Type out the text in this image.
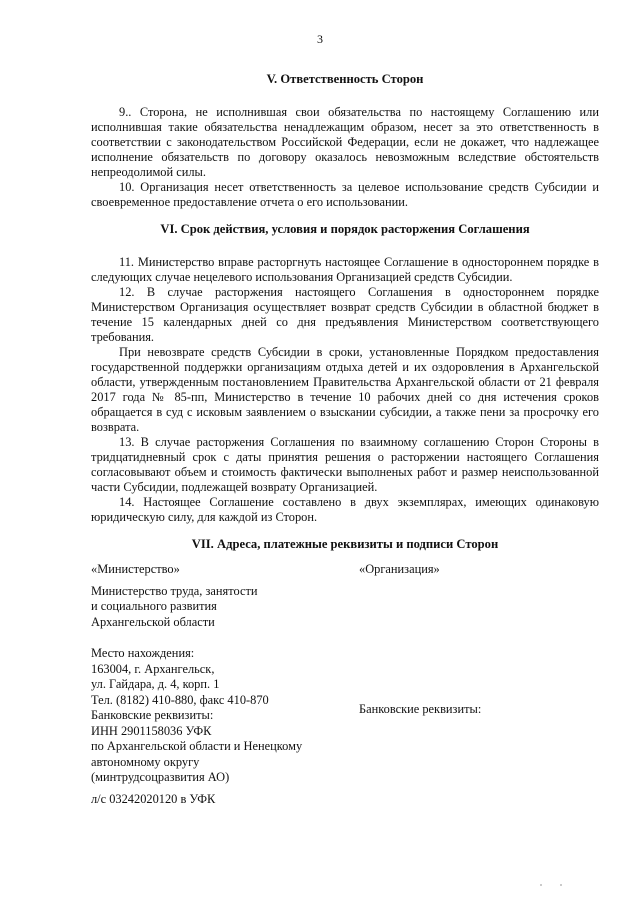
3
V. Ответственность Сторон

9.. Сторона, не исполнившая свои обязательства по настоящему Соглашению или исполнившая такие обязательства ненадлежащим образом, несет за это ответственность в соответствии с законодательством Российской Федерации, если не докажет, что надлежащее исполнение обязательств по договору оказалось невозможным вследствие обстоятельств непреодолимой силы.

10. Организация несет ответственность за целевое использование средств Субсидии и своевременное предоставление отчета о его использовании.

VI. Срок действия, условия и порядок расторжения Соглашения

11. Министерство вправе расторгнуть настоящее Соглашение в одностороннем порядке в следующих случае нецелевого использования Организацией средств Субсидии.

12. В случае расторжения настоящего Соглашения в одностороннем порядке Министерством Организация осуществляет возврат средств Субсидии в областной бюджет в течение 15 календарных дней со дня предъявления Министерством соответствующего требования.

При невозврате средств Субсидии в сроки, установленные Порядком предоставления государственной поддержки организациям отдыха детей и их оздоровления в Архангельской области, утвержденным постановлением Правительства Архангельской области от 21 февраля 2017 года № 85-пп, Министерство в течение 10 рабочих дней со дня истечения сроков обращается в суд с исковым заявлением о взыскании субсидии, а также пени за просрочку его возврата.

13. В случае расторжения Соглашения по взаимному соглашению Сторон Стороны в тридцатидневный срок с даты принятия решения о расторжении настоящего Соглашения согласовывают объем и стоимость фактически выполненых работ и размер неиспользованной части Субсидии, подлежащей возврату Организацией.

14. Настоящее Соглашение составлено в двух экземплярах, имеющих одинаковую юридическую силу, для каждой из Сторон.

VII. Адреса, платежные реквизиты и подписи Сторон
«Министерство»
Министерство труда, занятости
и социального развития
Архангельской области
Место нахождения:
163004, г. Архангельск,
ул. Гайдара, д. 4, корп. 1
Тел. (8182) 410-880, факс 410-870
Банковские реквизиты:
ИНН 2901158036 УФК
по Архангельской области и Ненецкому
автономному округу
(минтрудсоцразвития АО)
л/с 03242020120 в УФК
«Организация»
Банковские реквизиты:
